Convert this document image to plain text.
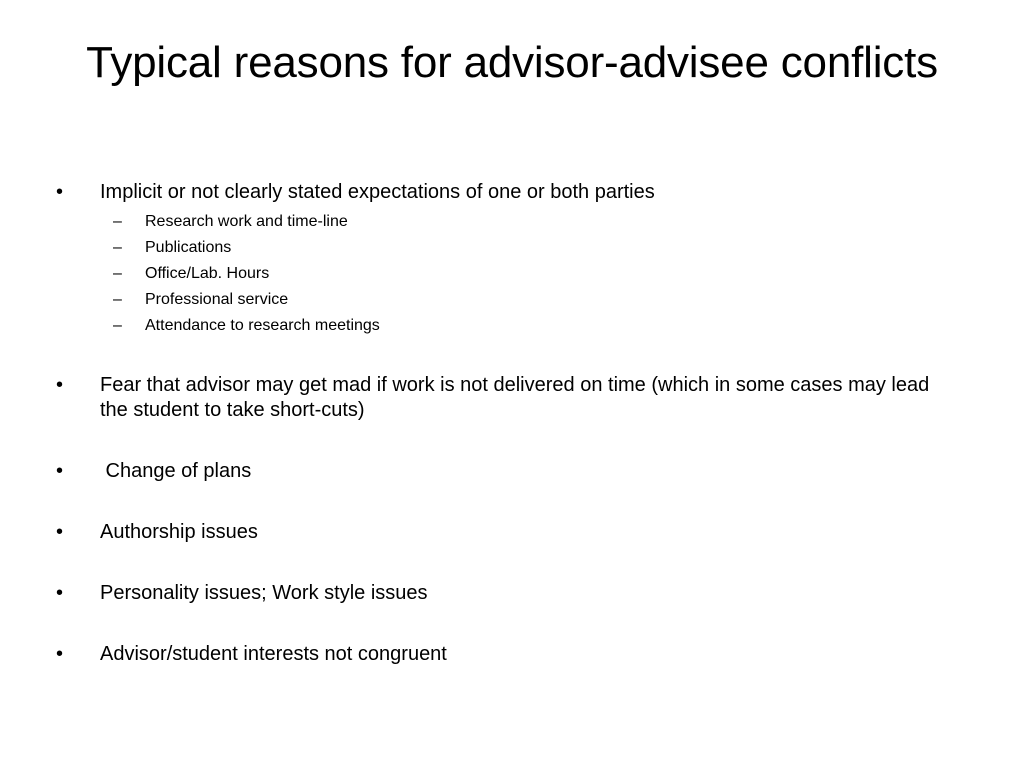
Typical reasons for advisor-advisee conflicts
•	Implicit or not clearly stated expectations of one or both parties
– Research work and time-line
– Publications
– Office/Lab. Hours
– Professional service
– Attendance to research meetings
•	Fear that advisor may get mad if work is not delivered on time (which in some cases may lead the student to take short-cuts)
•	Change of plans
•	Authorship issues
•	Personality issues; Work style issues
•	Advisor/student interests not congruent
